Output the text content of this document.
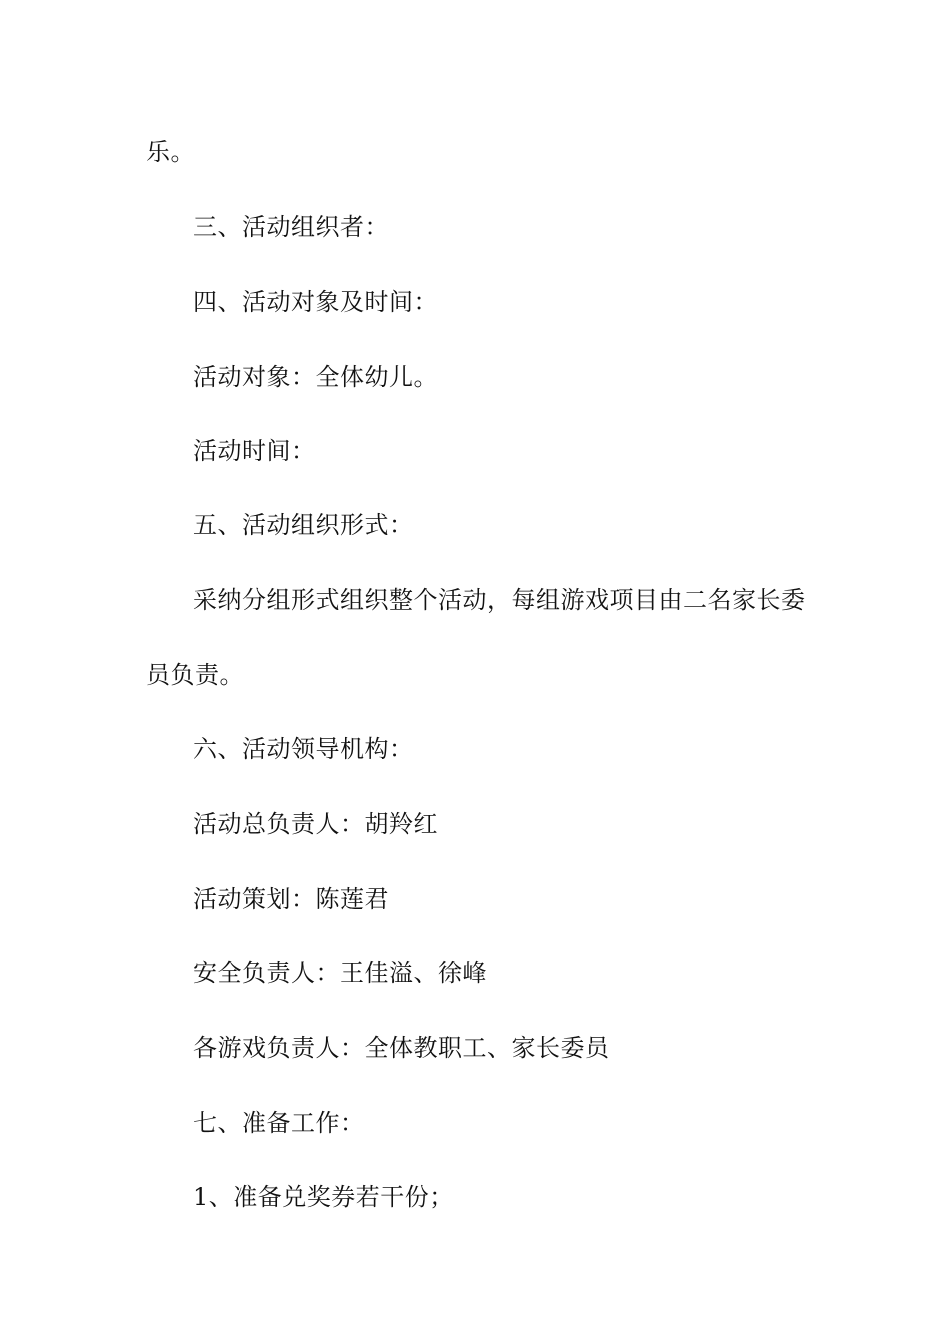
乐。
三、活动组织者：
四、活动对象及时间：
活动对象：全体幼儿。
活动时间：
五、活动组织形式：
采纳分组形式组织整个活动，每组游戏项目由二名家长委
员负责。
六、活动领导机构：
活动总负责人：胡羚红
活动策划：陈莲君
安全负责人：王佳溢、徐峰
各游戏负责人：全体教职工、家长委员
七、准备工作：
1、准备兑奖券若干份；
